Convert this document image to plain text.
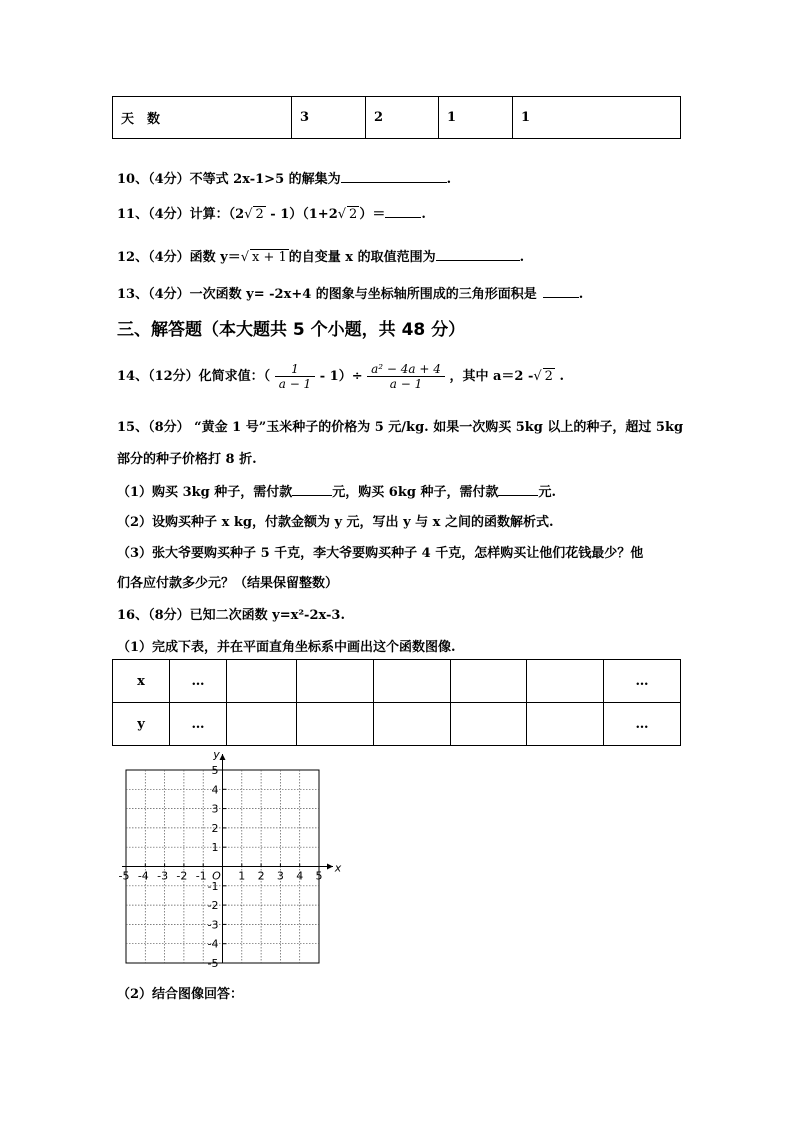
天　数	3	2	1	1
10、（4分）不等式 2x-1>5 的解集为	.
11、（4分）计算：（2√ 2 - 1）（1+2√ 2 ）＝	.
12、（4分）函数 y＝√ x + 1 的自变量 x 的取值范围为	.
13、（4分）一次函数 y= -2x+4 的图象与坐标轴所围成的三角形面积是	.
三、解答题（本大题共 5 个小题，共 48 分）
14、（12分）化简求值：（ $\frac{1}{a - 1} - 1)\div \frac{\text{a² − 4a + 4}}{a - 1}$ ，其中 a＝2 -√ 2 .
15、（8分） “黄金 1 号”玉米种子的价格为 5 元/kg. 如果一次购买 5kg 以上的种子，超过 5kg
部分的种子价格打 8 折.
（1）购买 3kg 种子，需付款	元，购买 6kg 种子，需付款	元.
（2）设购买种子 x kg，付款金额为 y 元，写出 y 与 x 之间的函数解析式.
（3）张大爷要购买种子 5 千克，李大爷要购买种子 4 千克，怎样购买让他们花钱最少？他
们各应付款多少元？（结果保留整数）
16、（8分）已知二次函数 y=x²-2x-3.
（1）完成下表，并在平面直角坐标系中画出这个函数图像.
x	…						…
y	…						…
x
y
O
-5 -4 -3 -2 -1	1 2 3 4 5
5
4
3
2
1
-1
-2
-3
-4
-5
（2）结合图像回答：
